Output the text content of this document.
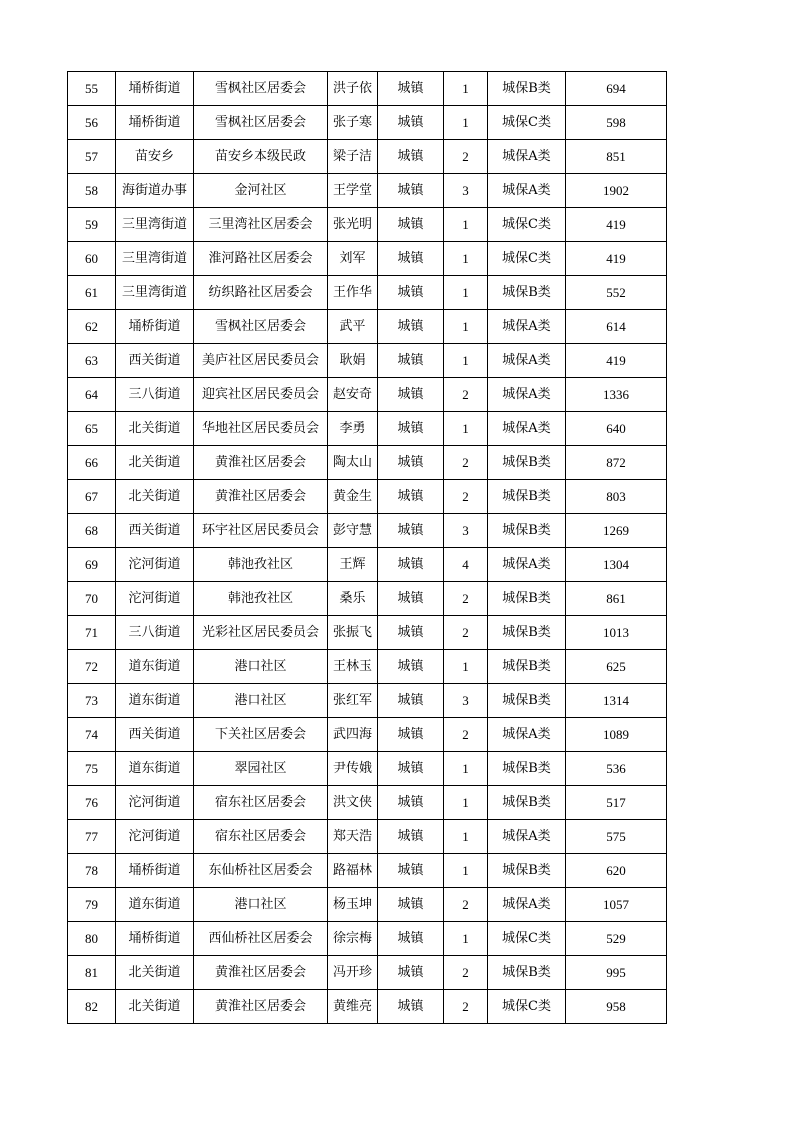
55	埇桥街道	雪枫社区居委会	洪子依	城镇	1	城保B类	694
56	埇桥街道	雪枫社区居委会	张子寒	城镇	1	城保C类	598
57	苗安乡	苗安乡本级民政	梁子洁	城镇	2	城保A类	851
58	海街道办事	金河社区	王学堂	城镇	3	城保A类	1902
59	三里湾街道	三里湾社区居委会	张光明	城镇	1	城保C类	419
60	三里湾街道	淮河路社区居委会	刘军	城镇	1	城保C类	419
61	三里湾街道	纺织路社区居委会	王作华	城镇	1	城保B类	552
62	埇桥街道	雪枫社区居委会	武平	城镇	1	城保A类	614
63	西关街道	美庐社区居民委员会	耿娟	城镇	1	城保A类	419
64	三八街道	迎宾社区居民委员会	赵安奇	城镇	2	城保A类	1336
65	北关街道	华地社区居民委员会	李勇	城镇	1	城保A类	640
66	北关街道	黄淮社区居委会	陶太山	城镇	2	城保B类	872
67	北关街道	黄淮社区居委会	黄金生	城镇	2	城保B类	803
68	西关街道	环宇社区居民委员会	彭守慧	城镇	3	城保B类	1269
69	沱河街道	韩池孜社区	王辉	城镇	4	城保A类	1304
70	沱河街道	韩池孜社区	桑乐	城镇	2	城保B类	861
71	三八街道	光彩社区居民委员会	张振飞	城镇	2	城保B类	1013
72	道东街道	港口社区	王林玉	城镇	1	城保B类	625
73	道东街道	港口社区	张红军	城镇	3	城保B类	1314
74	西关街道	下关社区居委会	武四海	城镇	2	城保A类	1089
75	道东街道	翠园社区	尹传娥	城镇	1	城保B类	536
76	沱河街道	宿东社区居委会	洪文侠	城镇	1	城保B类	517
77	沱河街道	宿东社区居委会	郑天浩	城镇	1	城保A类	575
78	埇桥街道	东仙桥社区居委会	路福林	城镇	1	城保B类	620
79	道东街道	港口社区	杨玉坤	城镇	2	城保A类	1057
80	埇桥街道	西仙桥社区居委会	徐宗梅	城镇	1	城保C类	529
81	北关街道	黄淮社区居委会	冯开珍	城镇	2	城保B类	995
82	北关街道	黄淮社区居委会	黄维亮	城镇	2	城保C类	958
